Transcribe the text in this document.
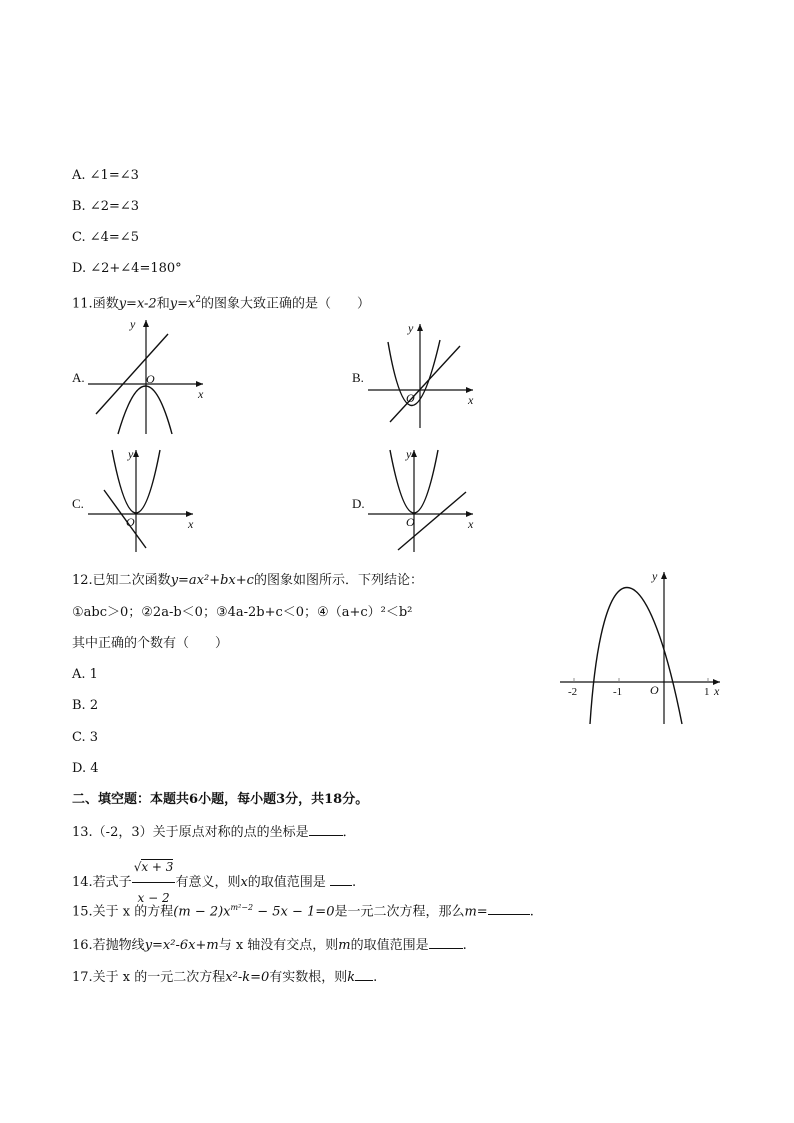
A. ∠1=∠3
B. ∠2=∠3
C. ∠4=∠5
D. ∠2+∠4=180°
11.函数y=x-2和$y=x^2$的图象大致正确的是（　　）
A.
y
x
O	B.
y
x
O
C.
y
x
O
D.
y
x
O
12.已知二次函数y=ax²+bx+c的图象如图所示．下列结论：
①abc＞0；②2a-b＜0；③4a-2b+c＜0；④（a+c）²＜b²
其中正确的个数有（　　）
A. 1
B. 2
C. 3
D. 4
-2	-1	1
O	x
y
二、填空题：本题共6小题，每小题3分，共18分。
13.（-2，3）关于原点对称的点的坐标是	．
14.若式子 $\frac{√x + 3}{x - 2}$ 有意义，则x的取值范围是 .
15.关于 x 的方程$(m - 2)x^{m^2-2} - 5x - 1=0$是一元二次方程，那么m=	.
16.若抛物线y=x²-6x+m与 x 轴没有交点，则m的取值范围是	.
17.关于 x 的一元二次方程x²-k=0有实数根，则k .
